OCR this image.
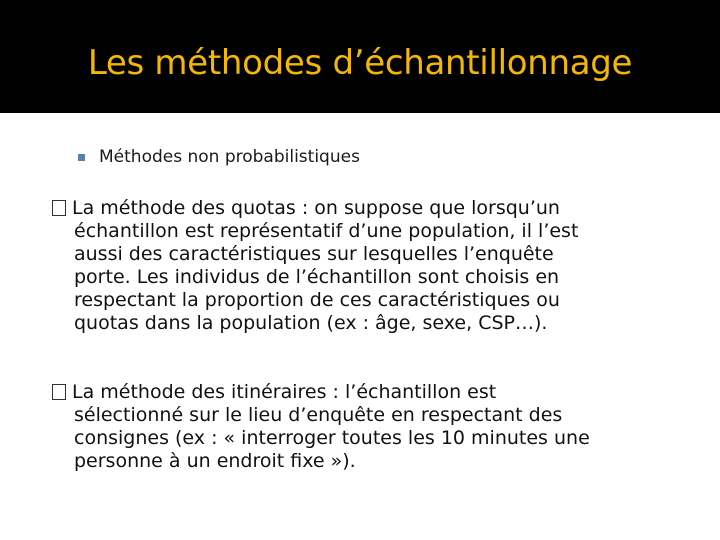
Les méthodes d’échantillonnage
Méthodes non probabilistiques
La méthode des quotas : on suppose que lorsqu’un
échantillon est représentatif d’une population, il l’est
aussi des caractéristiques sur lesquelles l’enquête
porte. Les individus de l’échantillon sont choisis en
respectant la proportion de ces caractéristiques ou
quotas dans la population (ex : âge, sexe, CSP…).
La méthode des itinéraires : l’échantillon est
sélectionné sur le lieu d’enquête en respectant des
consignes (ex : « interroger toutes les 10 minutes une
personne à un endroit fixe »).
